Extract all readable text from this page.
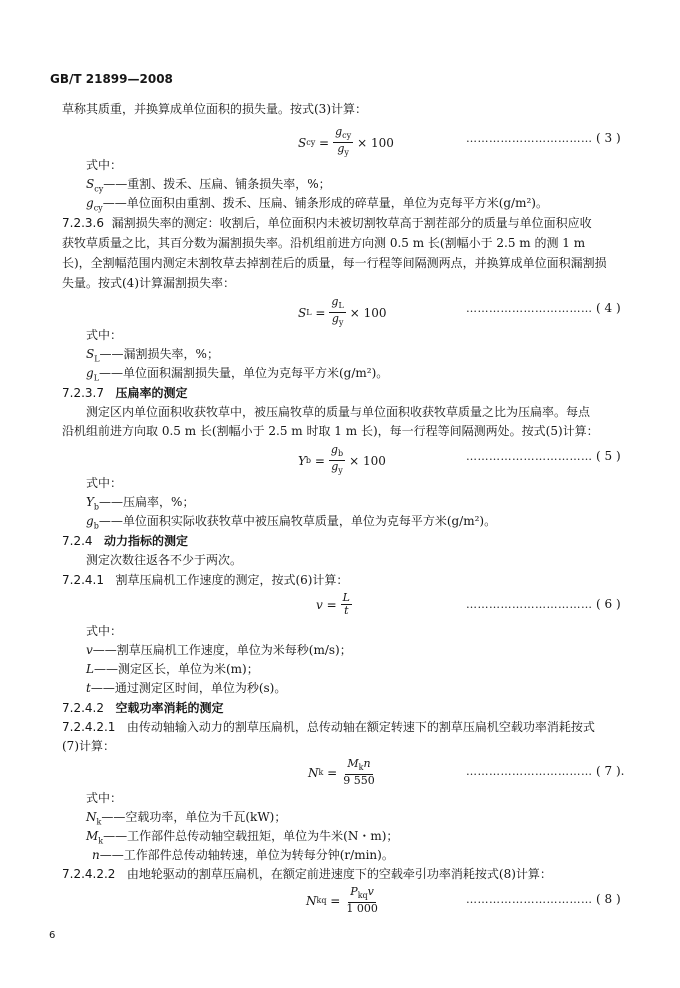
GB/T 21899—2008
草称其质重，并换算成单位面积的损失量。按式(3)计算：
S cy = $\frac{g_{cy}}{g_y} \times 100$	…………………………… ( 3 )
式中：
$S_{cy}——$重割、拨禾、压扁、铺条损失率，%；
$g_{cy}——$单位面积由重割、拨禾、压扁、铺条形成的碎草量，单位为克每平方米(g/m²)。
7.2.3.6 漏割损失率的测定：收割后，单位面积内未被切割牧草高于割茬部分的质量与单位面积应收
获牧草质量之比，其百分数为漏割损失率。沿机组前进方向测 0.5 m 长(割幅小于 2.5 m 的测 1 m
长)，全割幅范围内测定未割牧草去掉割茬后的质量，每一行程等间隔测两点，并换算成单位面积漏割损
失量。按式(4)计算漏割损失率：
S $L = \frac{g_L}{g_y} \times 100$	…………………………… ( 4 )
式中：
$S_L——$漏割损失率，%；
$g_L——$单位面积漏割损失量，单位为克每平方米(g/m²)。
7.2.3.7 压扁率的测定
测定区内单位面积收获牧草中，被压扁牧草的质量与单位面积收获牧草质量之比为压扁率。每点
沿机组前进方向取 0.5 m 长(割幅小于 2.5 m 时取 1 m 长)，每一行程等间隔测两处。按式(5)计算：
Y $b = \frac{g_b}{g_y} \times 100$	…………………………… ( 5 )
式中：
$Y_b——$压扁率，%；
$g_b——$单位面积实际收获牧草中被压扁牧草质量，单位为克每平方米(g/m²)。
7.2.4 动力指标的测定
测定次数往返各不少于两次。
7.2.4.1 割草压扁机工作速度的测定，按式(6)计算：
$v = \frac{L}{t}$	…………………………… ( 6 )
式中：
v——割草压扁机工作速度，单位为米每秒(m/s)；
L——测定区长，单位为米(m)；
t——通过测定区时间，单位为秒(s)。
7.2.4.2 空载功率消耗的测定
7.2.4.2.1 由传动轴输入动力的割草压扁机，总传动轴在额定转速下的割草压扁机空载功率消耗按式
(7)计算：
N $k = \frac{M_kn}{9 550}$	…………………………… ( 7 ).
式中：
$N_k——$空载功率，单位为千瓦(kW)；
$M_k——$工作部件总传动轴空载扭矩，单位为牛米(N・m)；
n——工作部件总传动轴转速，单位为转每分钟(r/min)。
7.2.4.2.2 由地轮驱动的割草压扁机，在额定前进速度下的空载牵引功率消耗按式(8)计算：
N kq = $\frac{P_{kq}v}{1 000}$	…………………………… ( 8 )
6
